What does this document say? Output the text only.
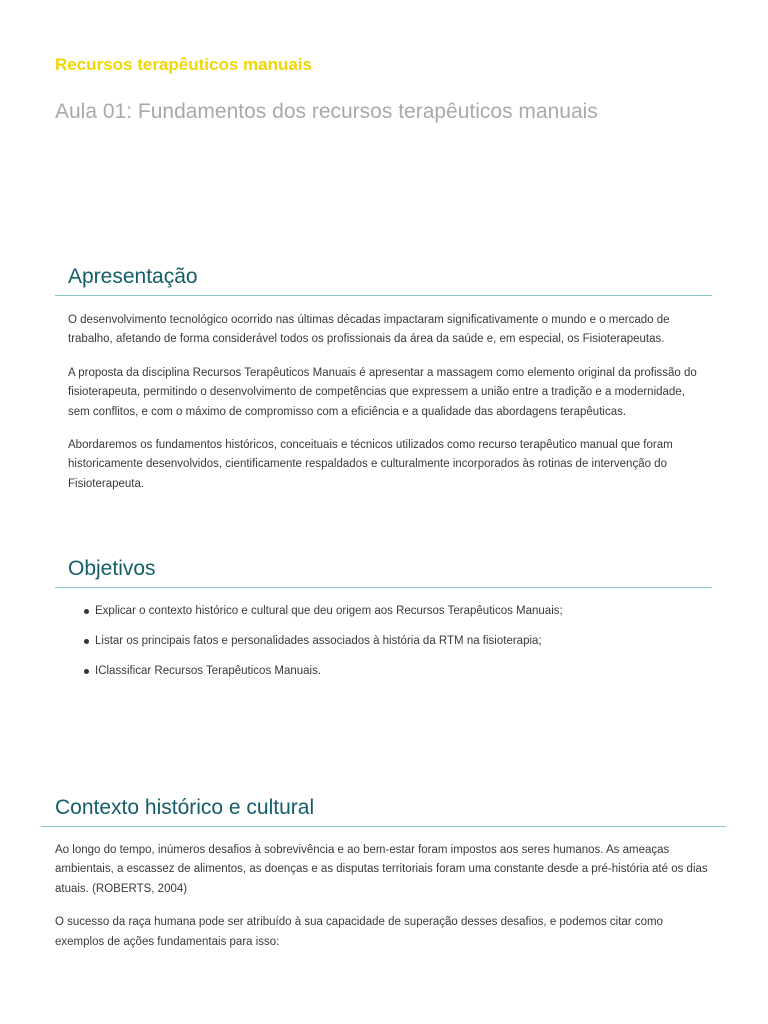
Recursos terapêuticos manuais
Aula 01: Fundamentos dos recursos terapêuticos manuais
Apresentação

O desenvolvimento tecnológico ocorrido nas últimas décadas impactaram significativamente o mundo e o mercado de trabalho, afetando de forma considerável todos os profissionais da área da saúde e, em especial, os Fisioterapeutas.

A proposta da disciplina Recursos Terapêuticos Manuais é apresentar a massagem como elemento original da profissão do fisioterapeuta, permitindo o desenvolvimento de competências que expressem a união entre a tradição e a modernidade, sem conflitos, e com o máximo de compromisso com a eficiência e a qualidade das abordagens terapêuticas.

Abordaremos os fundamentos históricos, conceituais e técnicos utilizados como recurso terapêutico manual que foram historicamente desenvolvidos, cientificamente respaldados e culturalmente incorporados às rotinas de intervenção do Fisioterapeuta.

Objetivos
Explicar o contexto histórico e cultural que deu origem aos Recursos Terapêuticos Manuais;
Listar os principais fatos e personalidades associados à história da RTM na fisioterapia;
IClassificar Recursos Terapêuticos Manuais.
Contexto histórico e cultural

Ao longo do tempo, inúmeros desafios à sobrevivência e ao bem-estar foram impostos aos seres humanos. As ameaças ambientais, a escassez de alimentos, as doenças e as disputas territoriais foram uma constante desde a pré-história até os dias atuais. (ROBERTS, 2004)

O sucesso da raça humana pode ser atribuído à sua capacidade de superação desses desafios, e podemos citar como exemplos de ações fundamentais para isso:
